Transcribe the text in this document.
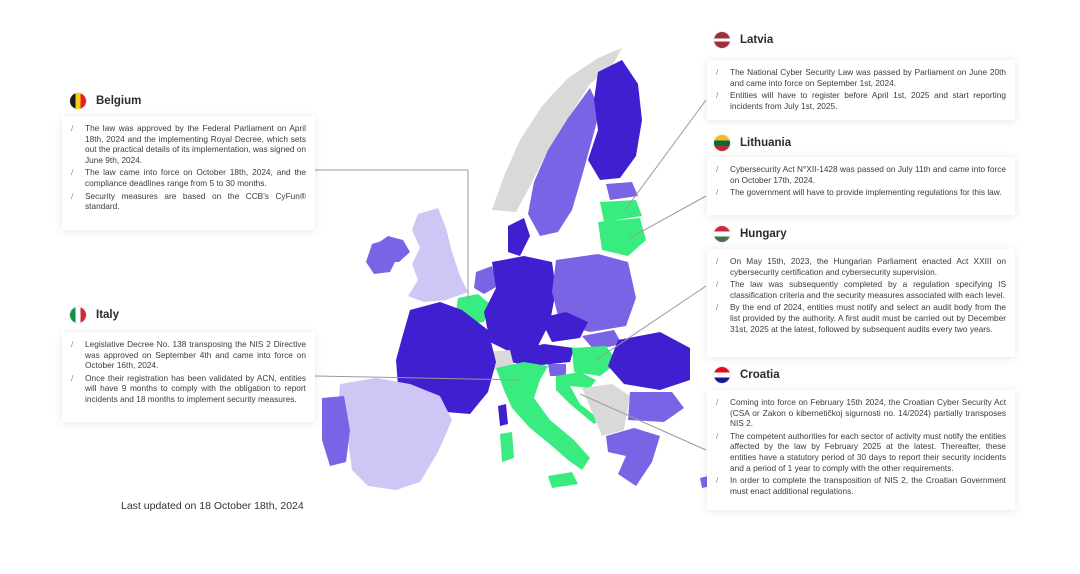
Belgium
/ The law was approved by the Federal Parliament on April 18th, 2024 and the implementing Royal Decree, which sets out the practical details of its implementation, was signed on June 9th, 2024.
/ The law came into force on October 18th, 2024, and the compliance deadlines range from 5 to 30 months.
/ Security measures are based on the CCB's CyFun® standard.
Italy
/ Legislative Decree No. 138 transposing the NIS 2 Directive was approved on September 4th and came into force on October 16th, 2024.
/ Once their registration has been validated by ACN, entities will have 9 months to comply with the obligation to report incidents and 18 months to implement security measures.
Latvia
/ The National Cyber Security Law was passed by Parliament on June 20th and came into force on September 1st, 2024.
/ Entities will have to register before April 1st, 2025 and start reporting incidents from July 1st, 2025.
Lithuania
/ Cybersecurity Act N°XII-1428 was passed on July 11th and came into force on October 17th, 2024.
/ The government will have to provide implementing regulations for this law.
Hungary
/ On May 15th, 2023, the Hungarian Parliament enacted Act XXIII on cybersecurity certification and cybersecurity supervision.
/ The law was subsequently completed by a regulation specifying IS classification criteria and the security measures associated with each level.
/ By the end of 2024, entities must notify and select an audit body from the list provided by the authority. A first audit must be carried out by December 31st, 2025 at the latest, followed by subsequent audits every two years.
Croatia
/ Coming into force on February 15th 2024, the Croatian Cyber Security Act (CSA or Zakon o kibernetičkoj sigurnosti no. 14/2024) partially transposes NIS 2.
/ The competent authorities for each sector of activity must notify the entities affected by the law by February 2025 at the latest. Thereafter, these entities have a statutory period of 30 days to report their security incidents and a period of 1 year to comply with the other requirements.
/ In order to complete the transposition of NIS 2, the Croatian Government must enact additional regulations.
Last updated on 18 October 18th, 2024
